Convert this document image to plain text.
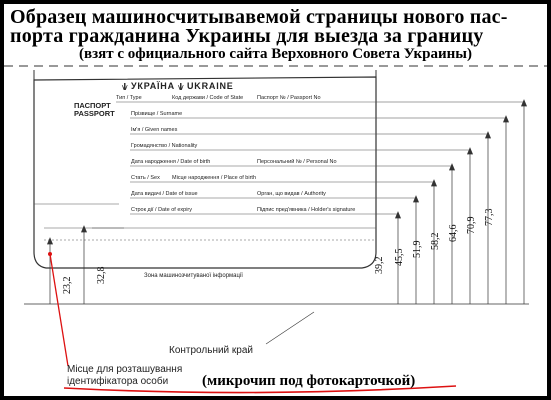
Образец машиносчитывавемой страницы нового пас-
порта гражданина Украины для выезда за границу
(взят с официального сайта Верховного Совета Украины)
УКРАЇНА UKRAINE
ПАСПОРТ
PASSPORT
Тип / Type	Код держави / Code of State	Паспорт № / Passport No
Прізвище / Surname
Ім'я / Given names
Громадянство / Nationality
Дата народження / Date of birth	Персональний № / Personal No
Стать / Sex Місце народження / Place of birth
Дата видачі / Date of issue	Орган, що видав / Authority
Строк дії / Date of expiry	Підпис пред'явника / Holder's signature
Зона машинозчитуваної інформації
23,2
32,8
39,2 45,5 51,9 58,2 64,6 70,9 77,3
Контрольний край
Місце для розташування
ідентифікатора особи (микрочип под фотокарточкой)
